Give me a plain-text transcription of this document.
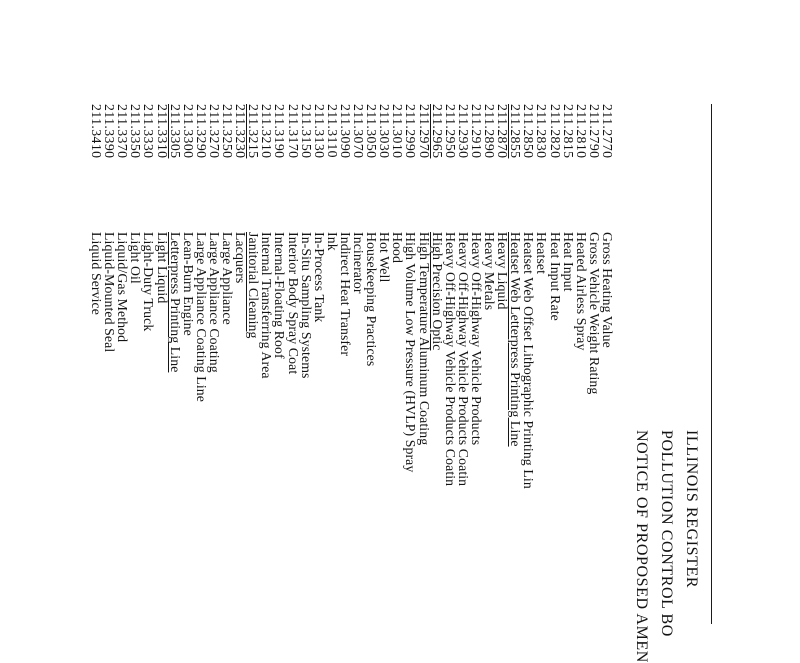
ILLINOIS REGISTER
POLLUTION CONTROL BO
NOTICE OF PROPOSED AMEN
211.2770
Gross Heating Value
211.2790
Gross Vehicle Weight Rating
211.2810
Heated Airless Spray
211.2815
Heat Input
211.2820
Heat Input Rate
211.2830
Heatset
211.2850
Heatset Web Offset Lithographic Printing Lin
211.2855
Heatset Web Letterpress Printing Line
211.2870
Heavy Liquid
211.2890
Heavy Metals
211.2910
Heavy Off-Highway Vehicle Products
211.2930
Heavy Off-Highway Vehicle Products Coatin
211.2950
Heavy Off-Highway Vehicle Products Coatin
211.2965
High Precision Optic
211.2970
High Temperature Aluminum Coating
211.2990
High Volume Low Pressure (HVLP) Spray
211.3010
Hood
211.3030
Hot Well
211.3050
Housekeeping Practices
211.3070
Incinerator
211.3090
Indirect Heat Transfer
211.3110
Ink
211.3130
In-Process Tank
211.3150
In-Situ Sampling Systems
211.3170
Interior Body Spray Coat
211.3190
Internal-Floating Roof
211.3210
Internal Transferring Area
211.3215
Janitorial Cleaning
211.3230
Lacquers
211.3250
Large Appliance
211.3270
Large Appliance Coating
211.3290
Large Appliance Coating Line
211.3300
Lean-Burn Engine
211.3305
Letterpress Printing Line
211.3310
Light Liquid
211.3330
Light-Duty Truck
211.3350
Light Oil
211.3370
Liquid/Gas Method
211.3390
Liquid-Mounted Seal
211.3410
Liquid Service
